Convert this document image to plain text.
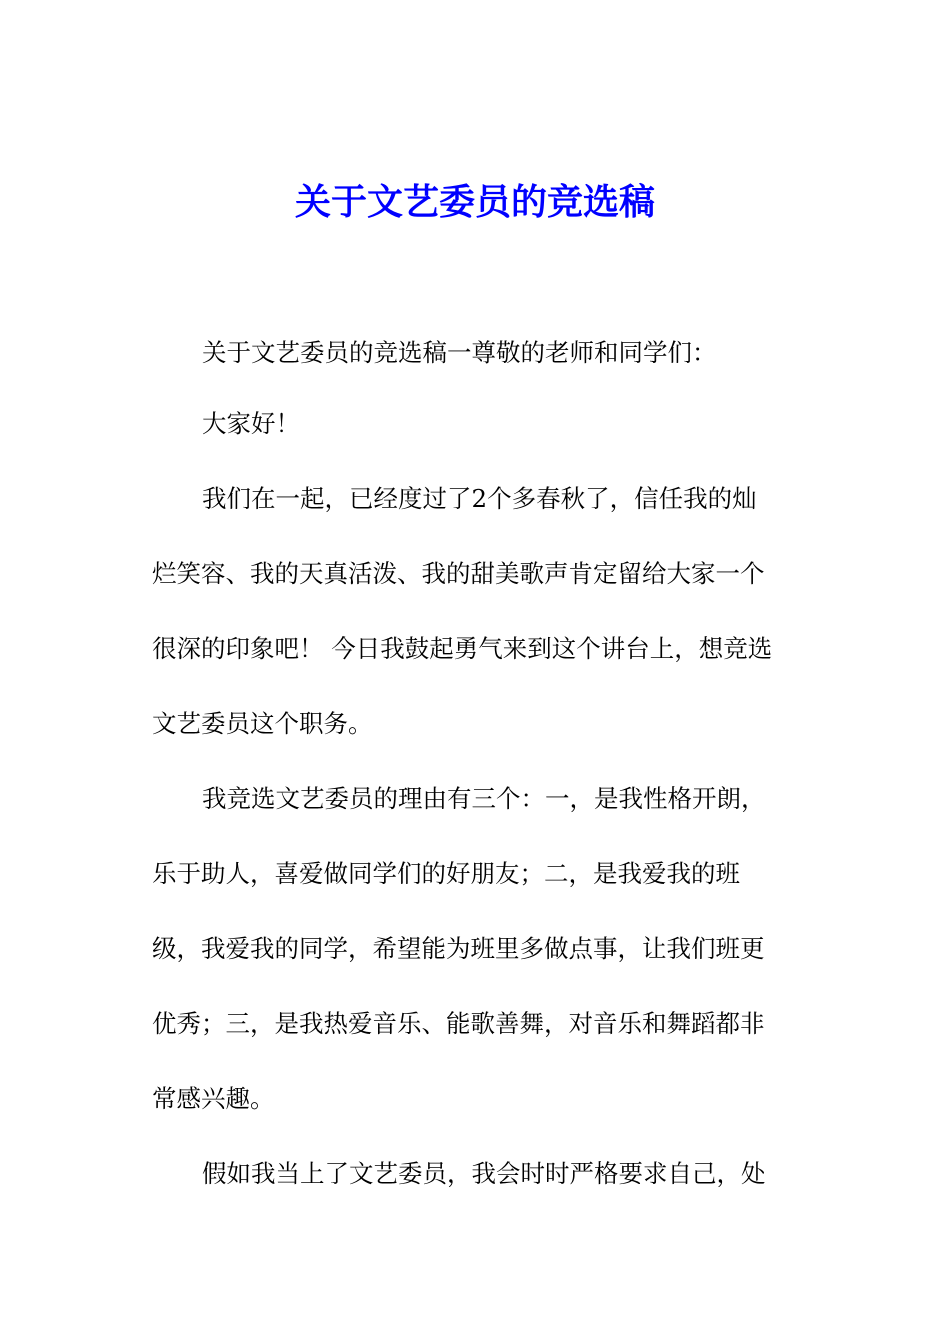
关于文艺委员的竞选稿

关于文艺委员的竞选稿一尊敬的老师和同学们：

大家好！

我们在一起，已经度过了2个多春秋了，信任我的灿

烂笑容、我的天真活泼、我的甜美歌声肯定留给大家一个

很深的印象吧！ 今日我鼓起勇气来到这个讲台上，想竞选

文艺委员这个职务。

我竞选文艺委员的理由有三个：一，是我性格开朗，

乐于助人，喜爱做同学们的好朋友；二，是我爱我的班

级，我爱我的同学，希望能为班里多做点事，让我们班更

优秀；三，是我热爱音乐、能歌善舞，对音乐和舞蹈都非

常感兴趣。

假如我当上了文艺委员，我会时时严格要求自己，处
